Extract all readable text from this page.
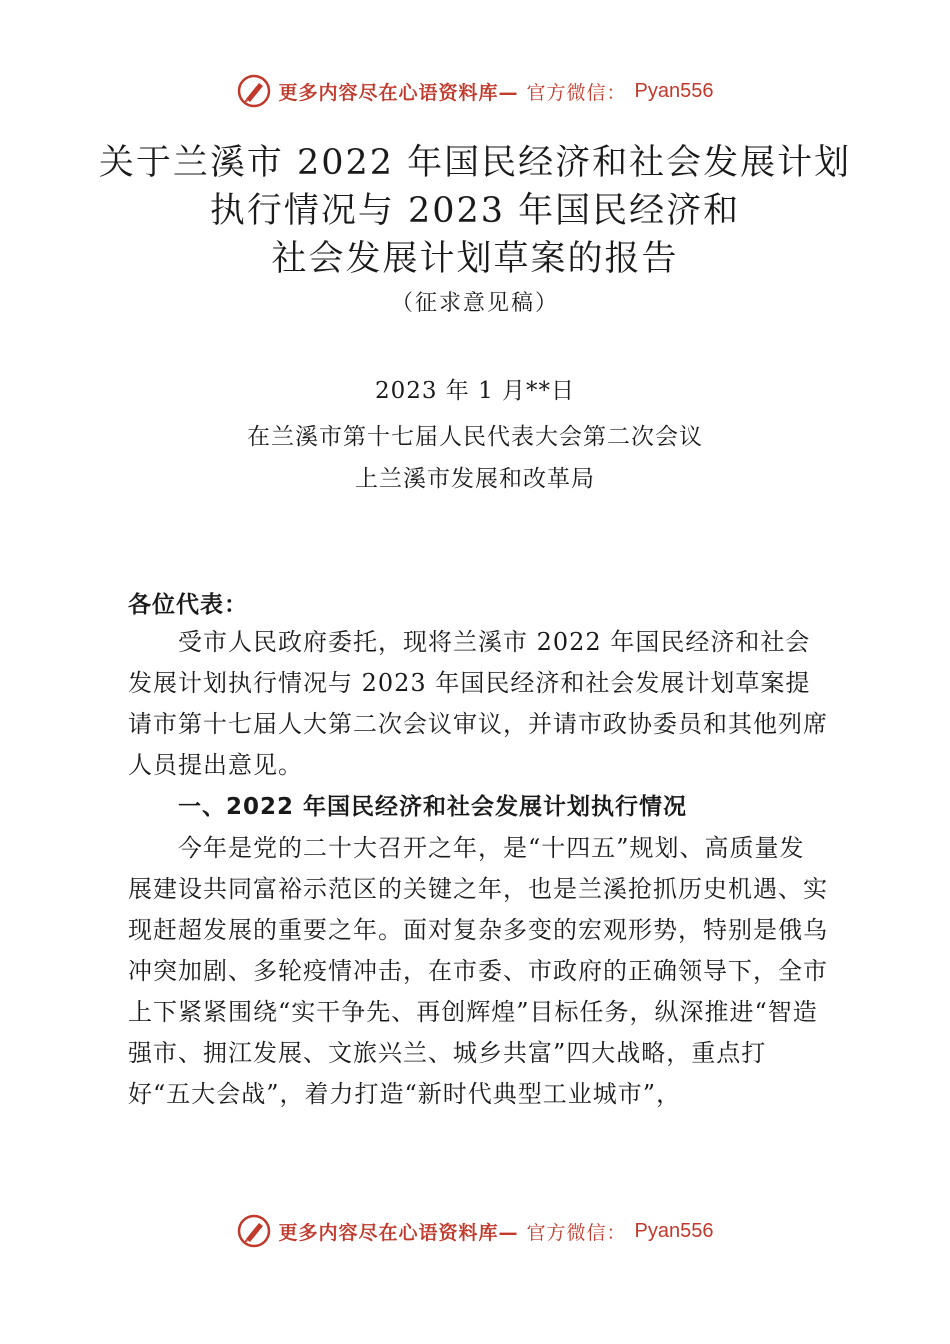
更多内容尽在心语资料库— 官方微信： Pyan556
关于兰溪市 2022 年国民经济和社会发展计划
执行情况与 2023 年国民经济和
社会发展计划草案的报告
（征求意见稿）
2023 年 1 月**日
在兰溪市第十七届人民代表大会第二次会议
上兰溪市发展和改革局
各位代表：
受市人民政府委托，现将兰溪市 2022 年国民经济和社会发展计划执行情况与 2023 年国民经济和社会发展计划草案提请市第十七届人大第二次会议审议，并请市政协委员和其他列席人员提出意见。
一、2022 年国民经济和社会发展计划执行情况
今年是党的二十大召开之年，是“十四五”规划、高质量发展建设共同富裕示范区的关键之年，也是兰溪抢抓历史机遇、实现赶超发展的重要之年。面对复杂多变的宏观形势，特别是俄乌冲突加剧、多轮疫情冲击，在市委、市政府的正确领导下，全市上下紧紧围绕“实干争先、再创辉煌”目标任务，纵深推进“智造强市、拥江发展、文旅兴兰、城乡共富”四大战略，重点打好“五大会战”，着力打造“新时代典型工业城市”，
更多内容尽在心语资料库— 官方微信： Pyan556
